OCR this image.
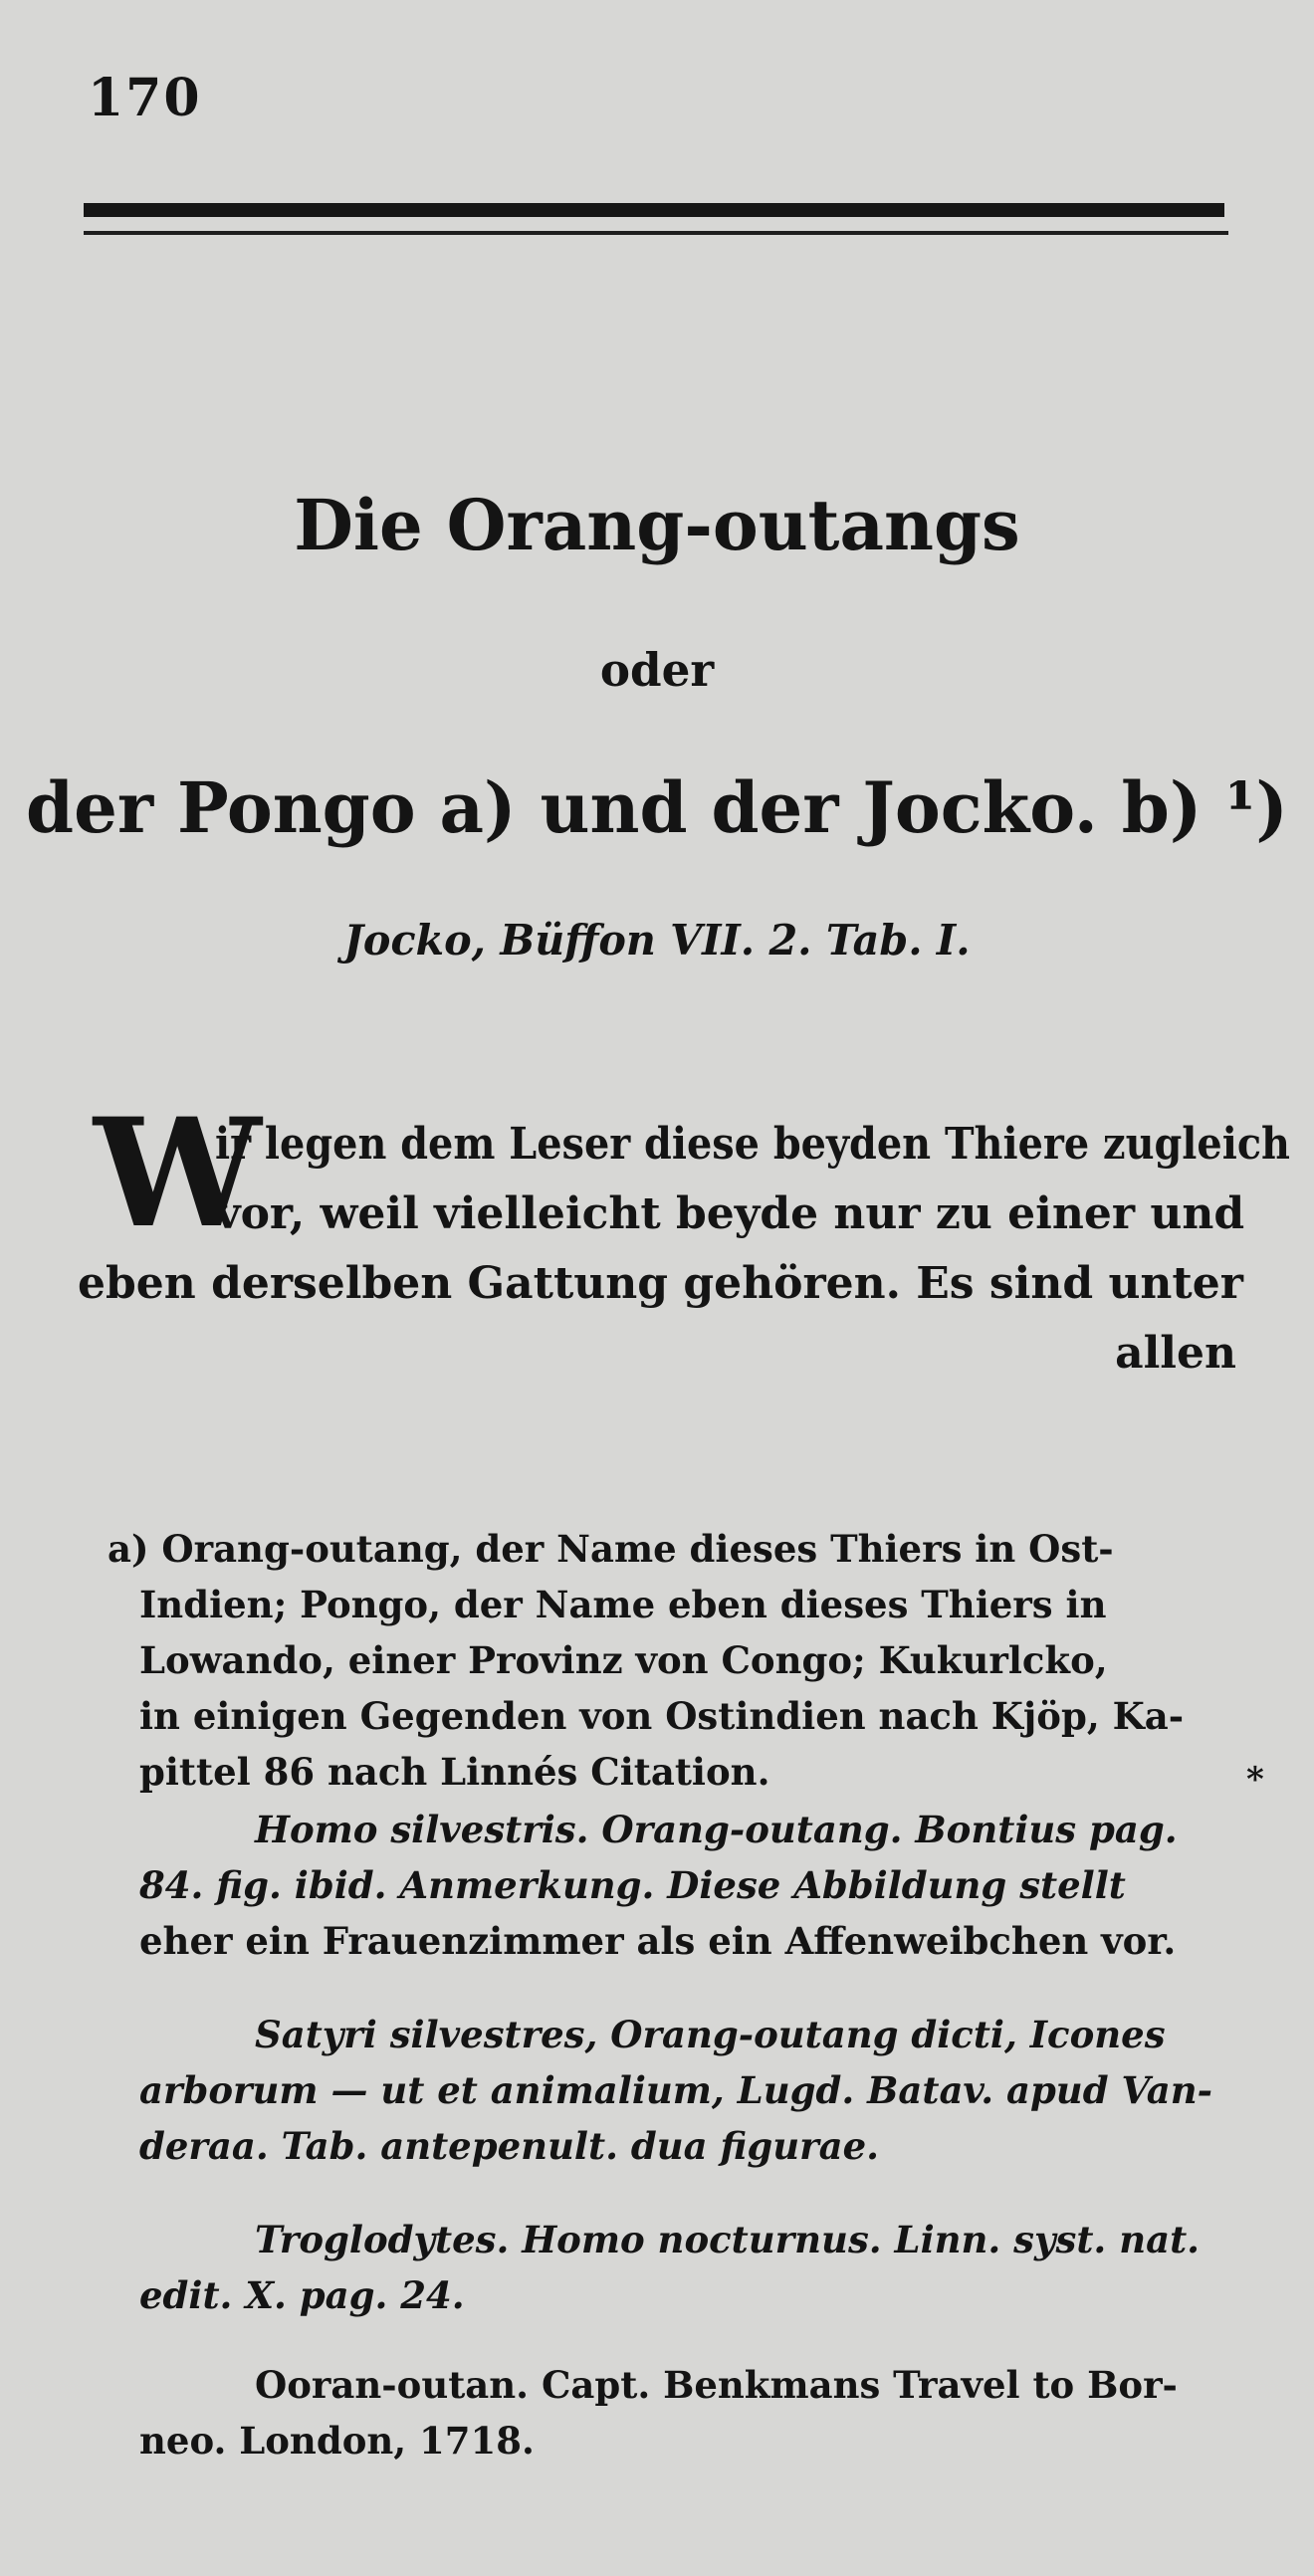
170
Die Orang-outangs
oder
der Pongo a) und der Jocko. b) ¹)
Jocko, Büffon VII. 2. Tab. I.
W
ir legen dem Leser diese beyden Thiere zugleich
vor, weil vielleicht beyde nur zu einer und
eben derselben Gattung gehören. Es sind unter
allen
a) Orang-outang, der Name dieses Thiers in Ost-
Indien; Pongo, der Name eben dieses Thiers in
Lowando, einer Provinz von Congo; Kukurlcko,
in einigen Gegenden von Ostindien nach Kjöp, Ka-
pittel 86 nach Linnés Citation.	*
Homo silvestris. Orang-outang. Bontius pag.
84. fig. ibid. Anmerkung. Diese Abbildung stellt
eher ein Frauenzimmer als ein Affenweibchen vor.
Satyri silvestres, Orang-outang dicti, Icones
arborum — ut et animalium, Lugd. Batav. apud Van-
deraa. Tab. antepenult. dua figurae.
Troglodytes. Homo nocturnus. Linn. syst. nat.
edit. X. pag. 24.
Ooran-outan. Capt. Benkmans Travel to Bor-
neo. London, 1718.
